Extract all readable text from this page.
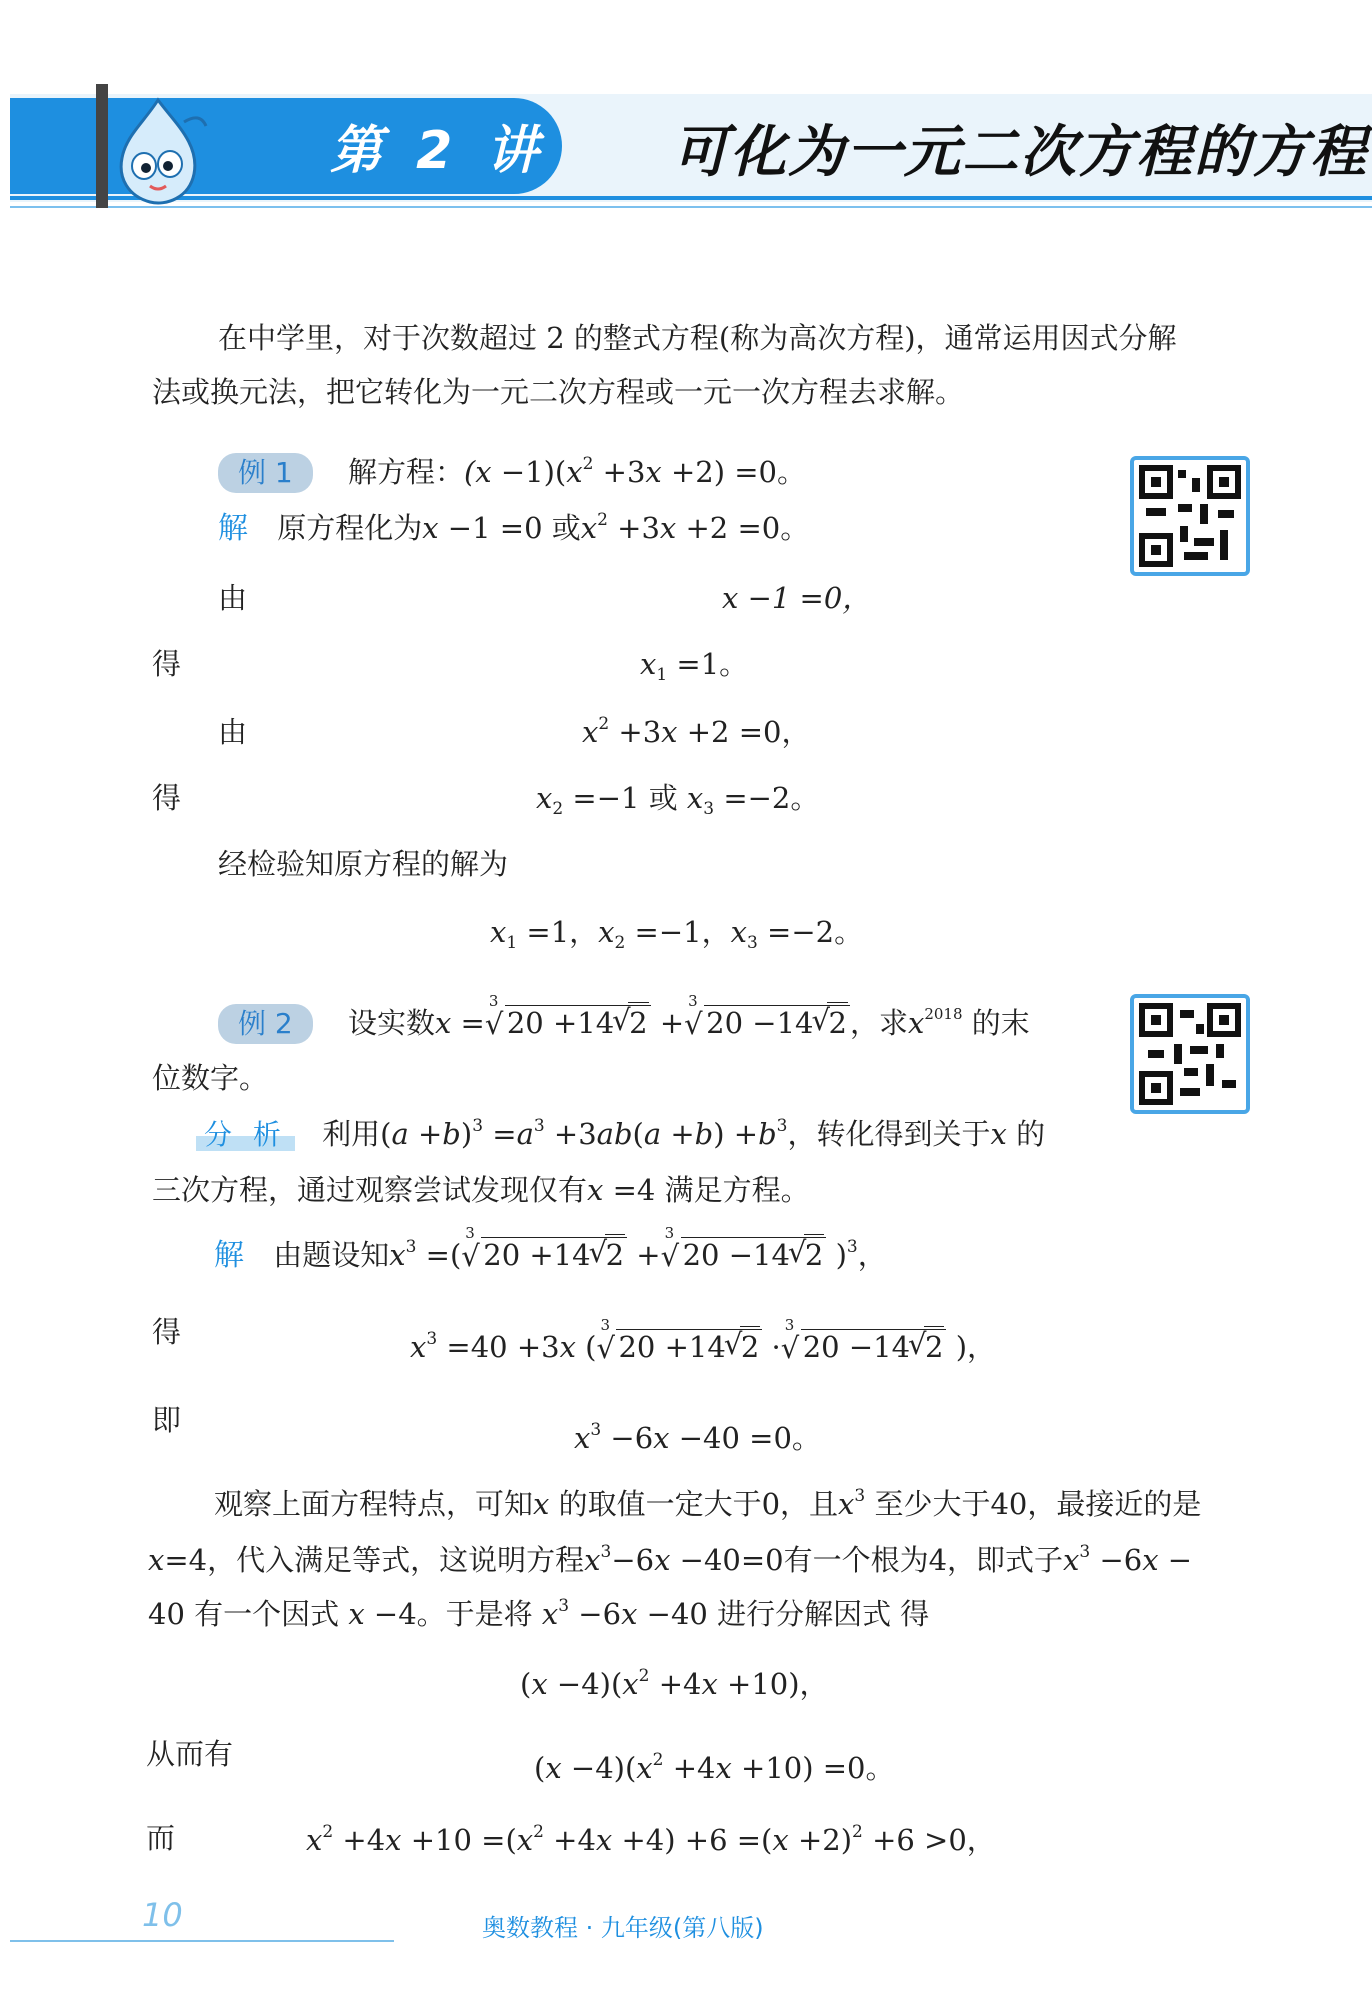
第 2 讲 可化为一元二次方程的方程
在中学里，对于次数超过 2 的整式方程(称为高次方程)，通常运用因式分解
法或换元法，把它转化为一元二次方程或一元一次方程去求解。
例 1 解方程：$(x -1)(x^2 +3x +2) =0$。
解 原方程化为x −1 =0 或$x^2 +3x +2 =0$。
由	x −1 =0，
得	$x_1 =1$。
由	$x^2 +3x +2 =0$，
得	$x_2 =-1$ 或 $x_3 =-2$。
经检验知原方程的解为
$x_1 =1$，$x_2 =-1$，$x_3 =-2$。
例 2 设实数x =
3
√ 20 +14 √ 2 +
3
√ 20 −14 √ 2 ，求$x^{2018}$ 的末
位数字。
分 析 利用$(a +b)^3 =a^3 +3ab(a +b) +b^3$，转化得到关于x 的
三次方程，通过观察尝试发现仅有x =4 满足方程。
解 由题设知$x^3$ =(
3
√ 20 +14 √ 2 +
3
√ 20 −14 √ 2 )$^3$，
得	$x^3 =40 +3x$ (
3
√ 20 +14 √ 2 ·
3
√ 20 −14 √ 2 )，
即
$x^3 -6x -40 =0$。
观察上面方程特点，可知x 的取值一定大于0，且$x^3$ 至少大于40，最接近的是
x=4，代入满足等式，这说明方程$x^3-6x -40=0$有一个根为4，即式子$x^3 -6x$ −
40 有一个因式 x −4。于是将 $x^3 -6x -40$ 进行分解因式 得
$(x -4)(x^2 +4x +10)$，
从而有	$(x -4)(x^2 +4x +10) =0$。
而	$x^2 +4x +10 =(x^2 +4x +4) +6 =(x +2)^2 +6 >0$，
10	奥数教程 · 九年级(第八版)
